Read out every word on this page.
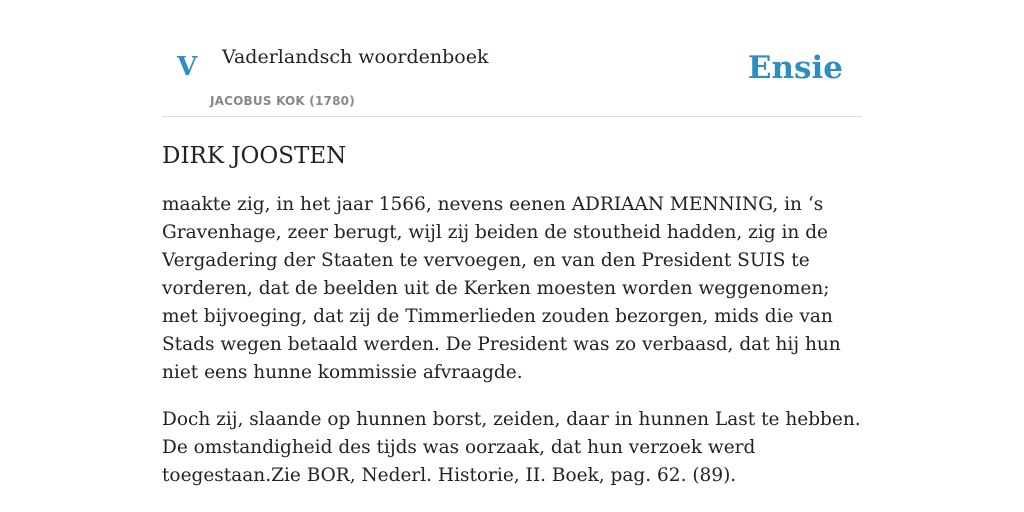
V Vaderlandsch woordenboek
JACOBUS KOK (1780)
Ensie
DIRK JOOSTEN

maakte zig, in het jaar 1566, nevens eenen ADRIAAN MENNING, in ‘s Gravenhage, zeer berugt, wijl zij beiden de stoutheid hadden, zig in de Vergadering der Staaten te vervoegen, en van den President SUIS te vorderen, dat de beelden uit de Kerken moesten worden weggenomen; met bijvoeging, dat zij de Timmerlieden zouden bezorgen, mids die van Stads wegen betaald werden. De President was zo verbaasd, dat hij hun niet eens hunne kommissie afvraagde.

Doch zij, slaande op hunnen borst, zeiden, daar in hunnen Last te hebben. De omstandigheid des tijds was oorzaak, dat hun verzoek werd toegestaan.Zie BOR, Nederl. Historie, II. Boek, pag. 62. (89).
